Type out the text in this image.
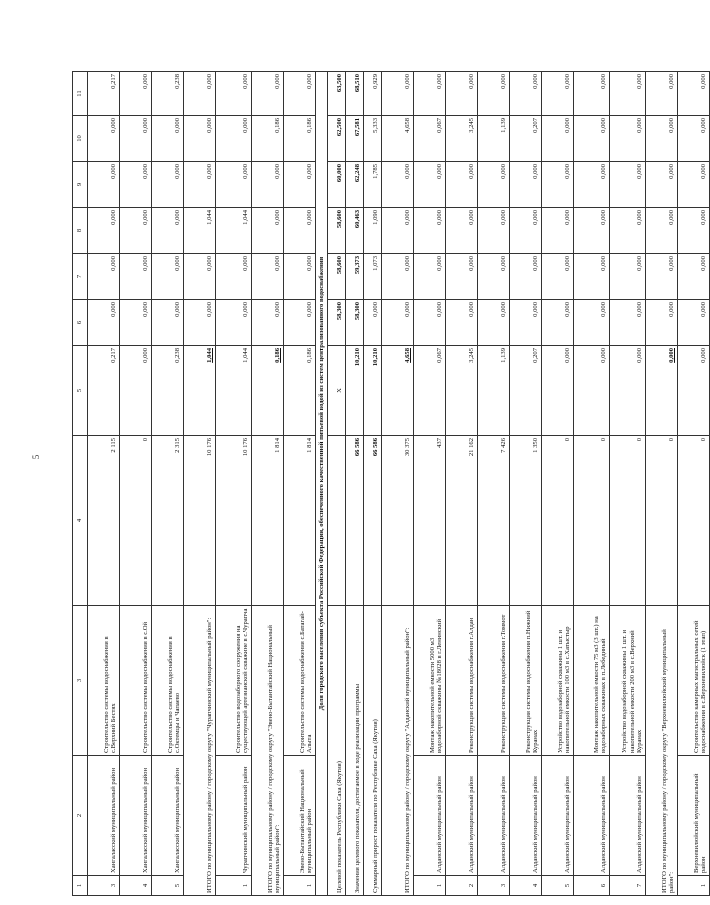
5
1	2	3	4	5	6	7	8	9	10	11
3	Хангаласский муниципальный район	Строительство системы водоснабжения в с.Верхний Бестях	2 115	0,217	0,000	0,000	0,000	0,000	0,000	0,217
4	Хангаласский муниципальный район	Строительство системы водоснабжения в с.Ой	0	0,000	0,000	0,000	0,000	0,000	0,000	0,000
5	Хангаласский муниципальный район	Строительство системы водоснабжения в с.Октемцы и Чапаево	2 315	0,238	0,000	0,000	0,000	0,000	0,000	0,238
ИТОГО по муниципальному району / городскому округу "Чурапчинский муниципальный район":			10 176	1,044	0,000	0,000	1,044	0,000	0,000	0,000
1	Чурапчинский муниципальный район	Строительство водозаборного сооружения на существующей артезианской скважине в с.Чурапча	10 176	1,044	0,000	0,000	1,044	0,000	0,000	0,000
ИТОГО по муниципальному району / городскому округу "Эвено-Бытантайский Национальный муниципальный район":			1 814	0,186	0,000	0,000	0,000	0,000	0,186	0,000
1	Эвено-Бытантайский Национальный муниципальный район	Строительство системы водоснабжения с.Батагай-Алыта	1 814	0,186	0,000	0,000	0,000	0,000	0,186	0,000
Доля городского населения субъекта Российской Федерации, обеспеченного качественной питьевой водой из систем централизованного водоснабжения										
Целевой показатель Республики Саха (Якутия)				Х	58,300	58,600	58,600	60,000	62,500	63,500
Значения целевого показателя, достигаемое в ходе реализации программы			66 586	10,210	58,300	59,373	60,463	62,248	67,581	68,510
Суммарный прирост показателя по Республике Саха (Якутия)			66 586	10,210	0,000	1,073	1,090	1,785	5,333	0,929
ИТОГО по муниципальному району / городскому округу "Алданский муниципальный район":			30 375	4,658	0,000	0,000	0,000	0,000	4,658	0,000
1	Алданский муниципальный район	Монтаж накопительной емкости 5000 м3 водозаборной скважины №18028 в г.Ленинский	437	0,067	0,000	0,000	0,000	0,000	0,067	0,000
2	Алданский муниципальный район	Реконструкция системы водоснабжения г.Алдан	21 162	3,245	0,000	0,000	0,000	0,000	3,245	0,000
3	Алданский муниципальный район	Реконструкция системы водоснабжения г.Томмот	7 426	1,139	0,000	0,000	0,000	0,000	1,139	0,000
4	Алданский муниципальный район	Реконструкция системы водоснабжения п.Нижний Куранах	1 350	0,207	0,000	0,000	0,000	0,000	0,207	0,000
5	Алданский муниципальный район	Устройство водозаборной скважины 1 шт. и накопительной емкости 100 м3 в с.Хатыстыр	0	0,000	0,000	0,000	0,000	0,000	0,000	0,000
6	Алданский муниципальный район	Монтаж накопительной емкости 75 м3 (3 шт.) на водозаборных скважинах в п.Лебединый	0	0,000	0,000	0,000	0,000	0,000	0,000	0,000
7	Алданский муниципальный район	Устройство водозаборной скважины 1 шт. и накопительной емкости 200 м3 в с.Верхний Куранах	0	0,000	0,000	0,000	0,000	0,000	0,000	0,000
ИТОГО по муниципальному району / городскому округу "Верхневилюйский муниципальный район":			0	0,000	0,000	0,000	0,000	0,000	0,000	0,000
1	Верхневилюйский муниципальный район	Строительство камерных магистральных сетей водоснабжения в с.Верхневилюйск (1 этап)	0	0,000	0,000	0,000	0,000	0,000	0,000	0,000
